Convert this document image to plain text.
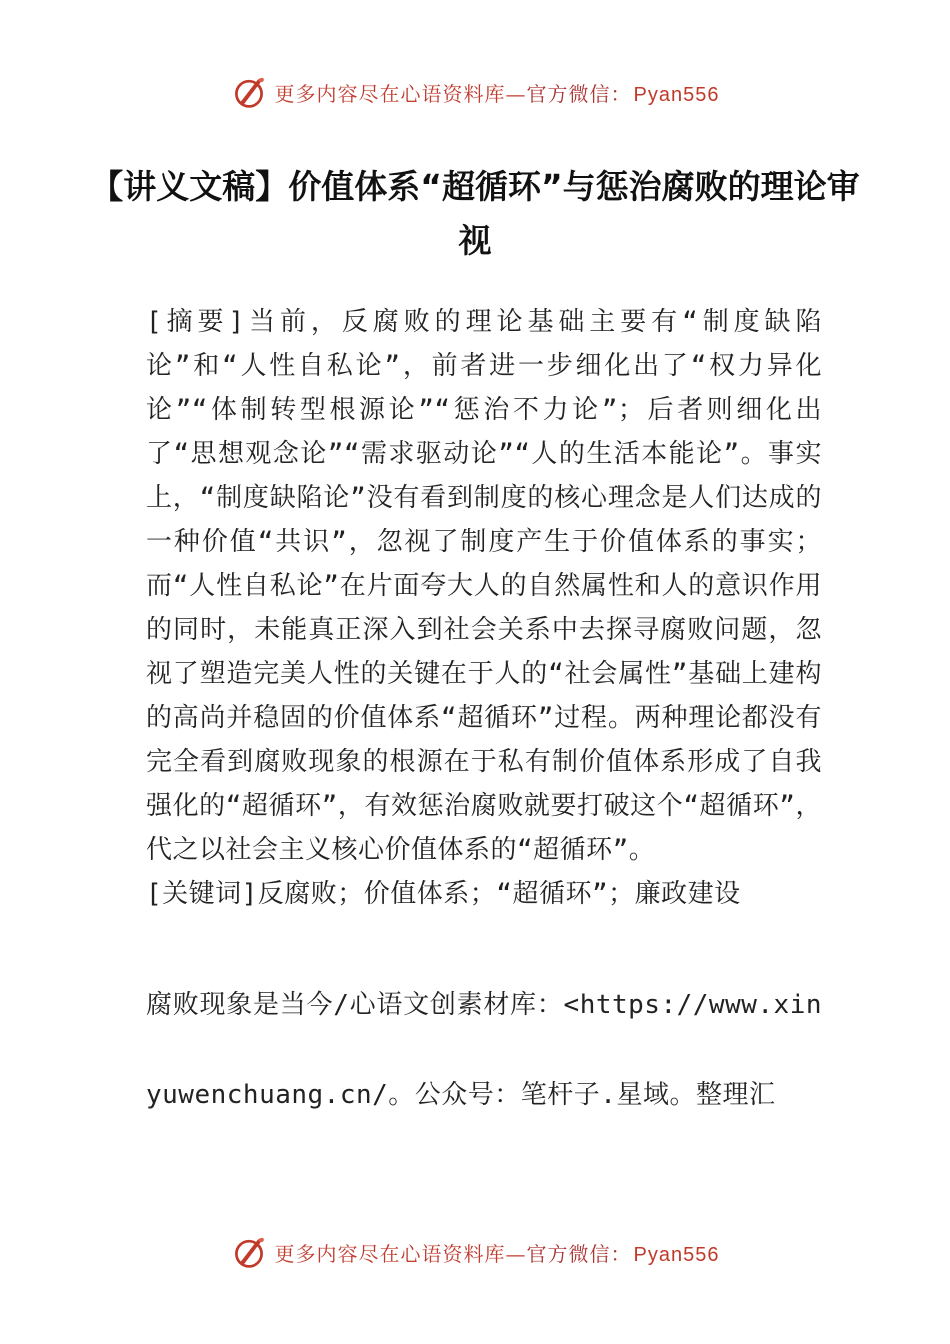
更多内容尽在心语资料库—官方微信： Pyan556
【讲义文稿】价值体系“超循环”与惩治腐败的理论审视

[摘要]当前，反腐败的理论基础主要有“制度缺陷论”和“人性自私论”，前者进一步细化出了“权力异化论”“体制转型根源论”“惩治不力论”；后者则细化出了“思想观念论”“需求驱动论”“人的生活本能论”。事实上，“制度缺陷论”没有看到制度的核心理念是人们达成的一种价值“共识”，忽视了制度产生于价值体系的事实；而“人性自私论”在片面夸大人的自然属性和人的意识作用的同时，未能真正深入到社会关系中去探寻腐败问题，忽视了塑造完美人性的关键在于人的“社会属性”基础上建构的高尚并稳固的价值体系“超循环”过程。两种理论都没有完全看到腐败现象的根源在于私有制价值体系形成了自我强化的“超循环”，有效惩治腐败就要打破这个“超循环”，代之以社会主义核心价值体系的“超循环”。

[关键词]反腐败；价值体系；“超循环”；廉政建设

腐败现象是当今/心语文创素材库：<https://www.xinyuwenchuang.cn/。公众号：笔杆子.星域。整理汇

更多内容尽在心语资料库—官方微信： Pyan556
